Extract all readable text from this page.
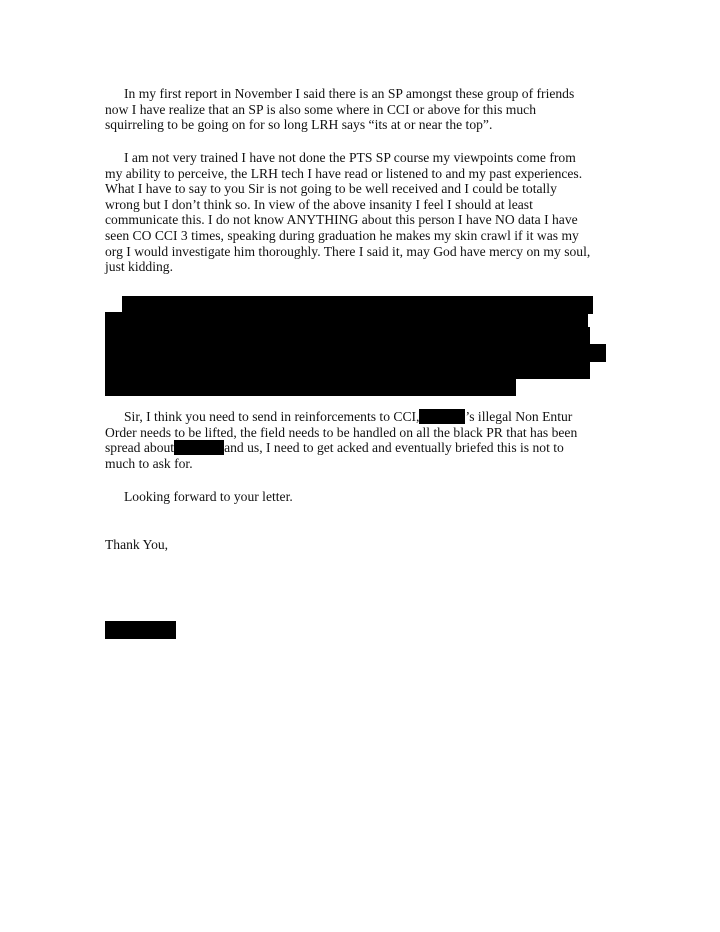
In my first report in November I said there is an SP amongst these group of friends
now I have realize that an SP is also some where in CCI or above for this much
squirreling to be going on for so long LRH says “its at or near the top”.

I am not very trained I have not done the PTS SP course my viewpoints come from
my ability to perceive, the LRH tech I have read or listened to and my past experiences.
What I have to say to you Sir is not going to be well received and I could be totally
wrong but I don’t think so. In view of the above insanity I feel I should at least
communicate this. I do not know ANYTHING about this person I have NO data I have
seen CO CCI 3 times, speaking during graduation he makes my skin crawl if it was my
org I would investigate him thoroughly. There I said it, may God have mercy on my soul,
just kidding.

Sir, I think you need to send in reinforcements to CCI,	’s illegal Non Entur
Order needs to be lifted, the field needs to be handled on all the black PR that has been
spread about	and us, I need to get acked and eventually briefed this is not to
much to ask for.

Looking forward to your letter.

Thank You,
